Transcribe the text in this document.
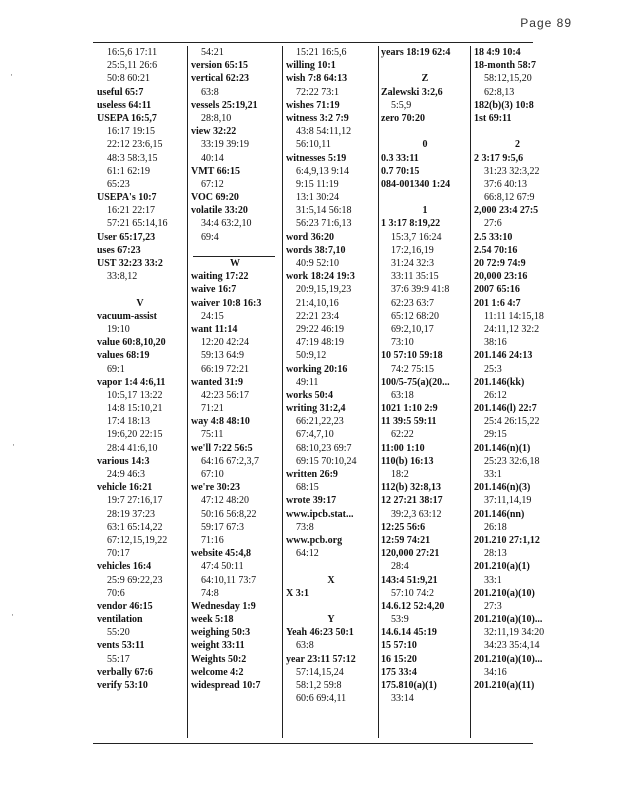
Page 89
16:5,6 17:11
25:5,11 26:6
50:8 60:21
useful 65:7
useless 64:11
USEPA 16:5,7
16:17 19:15
22:12 23:6,15
48:3 58:3,15
61:1 62:19
65:23
USEPA's 10:7
16:21 22:17
57:21 65:14,16
User 65:17,23
uses 67:23
UST 32:23 33:2
33:8,12
V
vacuum-assist
19:10
value 60:8,10,20
values 68:19
69:1
vapor 1:4 4:6,11
10:5,17 13:22
14:8 15:10,21
17:4 18:13
19:6,20 22:15
28:4 41:6,10
various 14:3
24:9 46:3
vehicle 16:21
19:7 27:16,17
28:19 37:23
63:1 65:14,22
67:12,15,19,22
70:17
vehicles 16:4
25:9 69:22,23
70:6
vendor 46:15
ventilation
55:20
vents 53:11
55:17
verbally 67:6
verify 53:10
54:21
version 65:15
vertical 62:23
63:8
vessels 25:19,21
28:8,10
view 32:22
33:19 39:19
40:14
VMT 66:15
67:12
VOC 69:20
volatile 33:20
34:4 63:2,10
69:4
W
waiting 17:22
waive 16:7
waiver 10:8 16:3
24:15
want 11:14
12:20 42:24
59:13 64:9
66:19 72:21
wanted 31:9
42:23 56:17
71:21
way 4:8 48:10
75:11
we'll 7:22 56:5
64:16 67:2,3,7
67:10
we're 30:23
47:12 48:20
50:16 56:8,22
59:17 67:3
71:16
website 45:4,8
47:4 50:11
64:10,11 73:7
74:8
Wednesday 1:9
week 5:18
weighing 50:3
weight 33:11
Weights 50:2
welcome 4:2
widespread 10:7
15:21 16:5,6
willing 10:1
wish 7:8 64:13
72:22 73:1
wishes 71:19
witness 3:2 7:9
43:8 54:11,12
56:10,11
witnesses 5:19
6:4,9,13 9:14
9:15 11:19
13:1 30:24
31:5,14 56:18
56:23 71:6,13
word 36:20
words 38:7,10
40:9 52:10
work 18:24 19:3
20:9,15,19,23
21:4,10,16
22:21 23:4
29:22 46:19
47:19 48:19
50:9,12
working 20:16
49:11
works 50:4
writing 31:2,4
66:21,22,23
67:4,7,10
68:10,23 69:7
69:15 70:10,24
written 26:9
68:15
wrote 39:17
www.ipcb.stat...
73:8
www.pcb.org
64:12
X
X 3:1
Y
Yeah 46:23 50:1
63:8
year 23:11 57:12
57:14,15,24
58:1,2 59:8
60:6 69:4,11
years 18:19 62:4
Z
Zalewski 3:2,6
5:5,9
zero 70:20
0
0.3 33:11
0.7 70:15
084-001340 1:24
1
1 3:17 8:19,22
15:3,7 16:24
17:2,16,19
31:24 32:3
33:11 35:15
37:6 39:9 41:8
62:23 63:7
65:12 68:20
69:2,10,17
73:10
10 57:10 59:18
74:2 75:15
100/5-75(a)(20...
63:18
1021 1:10 2:9
11 39:5 59:11
62:22
11:00 1:10
110(b) 16:13
18:2
112(b) 32:8,13
12 27:21 38:17
39:2,3 63:12
12:25 56:6
12:59 74:21
120,000 27:21
28:4
143:4 51:9,21
57:10 74:2
14.6.12 52:4,20
53:9
14.6.14 45:19
15 57:10
16 15:20
175 33:4
175.810(a)(1)
33:14
18 4:9 10:4
18-month 58:7
58:12,15,20
62:8,13
182(b)(3) 10:8
1st 69:11
2
2 3:17 9:5,6
31:23 32:3,22
37:6 40:13
66:8,12 67:9
2,000 23:4 27:5
27:6
2.5 33:10
2.54 70:16
20 72:9 74:9
20,000 23:16
2007 65:16
201 1:6 4:7
11:11 14:15,18
24:11,12 32:2
38:16
201.146 24:13
25:3
201.146(kk)
26:12
201.146(l) 22:7
25:4 26:15,22
29:15
201.146(n)(1)
25:23 32:6,18
33:1
201.146(n)(3)
37:11,14,19
201.146(nn)
26:18
201.210 27:1,12
28:13
201.210(a)(1)
33:1
201.210(a)(10)
27:3
201.210(a)(10)...
32:11,19 34:20
34:23 35:4,14
201.210(a)(10)...
34:16
201.210(a)(11)
·
·
·
